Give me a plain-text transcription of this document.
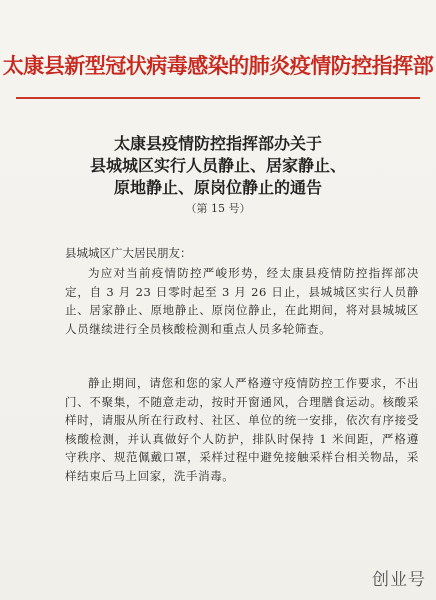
太康县新型冠状病毒感染的肺炎疫情防控指挥部
太康县疫情防控指挥部办关于
县城城区实行人员静止、居家静止、
原地静止、原岗位静止的通告
（第 15 号）
县城城区广大居民朋友：
为应对当前疫情防控严峻形势，经太康县疫情防控指挥部决定，自 3 月 23 日零时起至 3 月 26 日止，县城城区实行人员静止、居家静止、原地静止、原岗位静止，在此期间，将对县城城区人员继续进行全员核酸检测和重点人员多轮筛查。
静止期间，请您和您的家人严格遵守疫情防控工作要求，不出门、不聚集，不随意走动，按时开窗通风，合理膳食运动。核酸采样时，请服从所在行政村、社区、单位的统一安排，依次有序接受核酸检测，并认真做好个人防护，排队时保持 1 米间距，严格遵守秩序、规范佩戴口罩，采样过程中避免接触采样台相关物品，采样结束后马上回家，洗手消毒。
创业号
